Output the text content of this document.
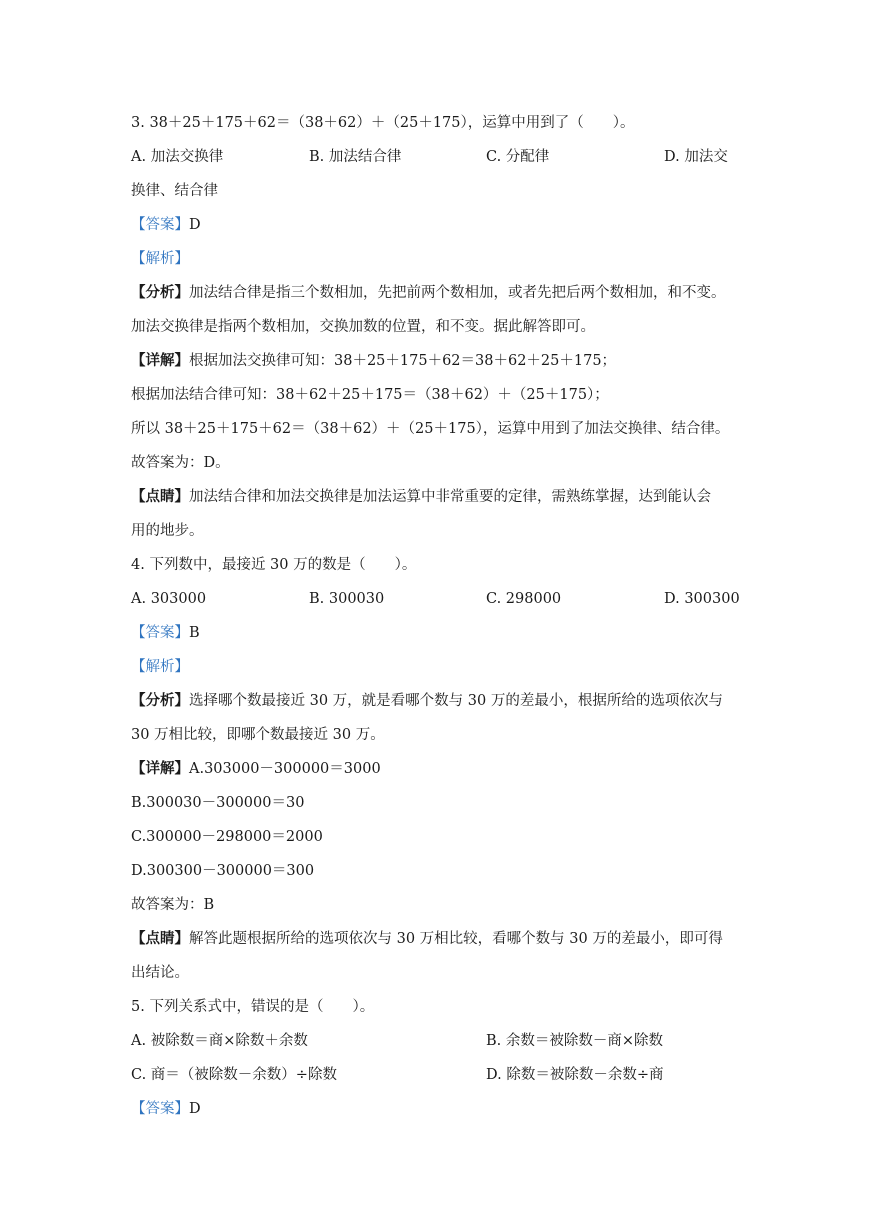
3. 38＋25＋175＋62＝（38＋62）＋（25＋175），运算中用到了（　　）。
A. 加法交换律	B. 加法结合律	C. 分配律	D. 加法交
换律、结合律
【答案】D
【解析】
【分析】加法结合律是指三个数相加，先把前两个数相加，或者先把后两个数相加，和不变。
加法交换律是指两个数相加，交换加数的位置，和不变。据此解答即可。
【详解】根据加法交换律可知：38＋25＋175＋62＝38＋62＋25＋175；
根据加法结合律可知：38＋62＋25＋175＝（38＋62）＋（25＋175）；
所以 38＋25＋175＋62＝（38＋62）＋（25＋175），运算中用到了加法交换律、结合律。
故答案为：D。
【点睛】加法结合律和加法交换律是加法运算中非常重要的定律，需熟练掌握，达到能认会
用的地步。
4. 下列数中，最接近 30 万的数是（　　）。
A. 303000	B. 300030	C. 298000	D. 300300
【答案】B
【解析】
【分析】选择哪个数最接近 30 万，就是看哪个数与 30 万的差最小，根据所给的选项依次与
30 万相比较，即哪个数最接近 30 万。
【详解】A.303000－300000＝3000
B.300030－300000＝30
C.300000－298000＝2000
D.300300－300000＝300
故答案为：B
【点睛】解答此题根据所给的选项依次与 30 万相比较，看哪个数与 30 万的差最小，即可得
出结论。
5. 下列关系式中，错误的是（　　）。
A. 被除数＝商×除数＋余数	B. 余数＝被除数－商×除数
C. 商＝（被除数－余数）÷除数	D. 除数＝被除数－余数÷商
【答案】D
